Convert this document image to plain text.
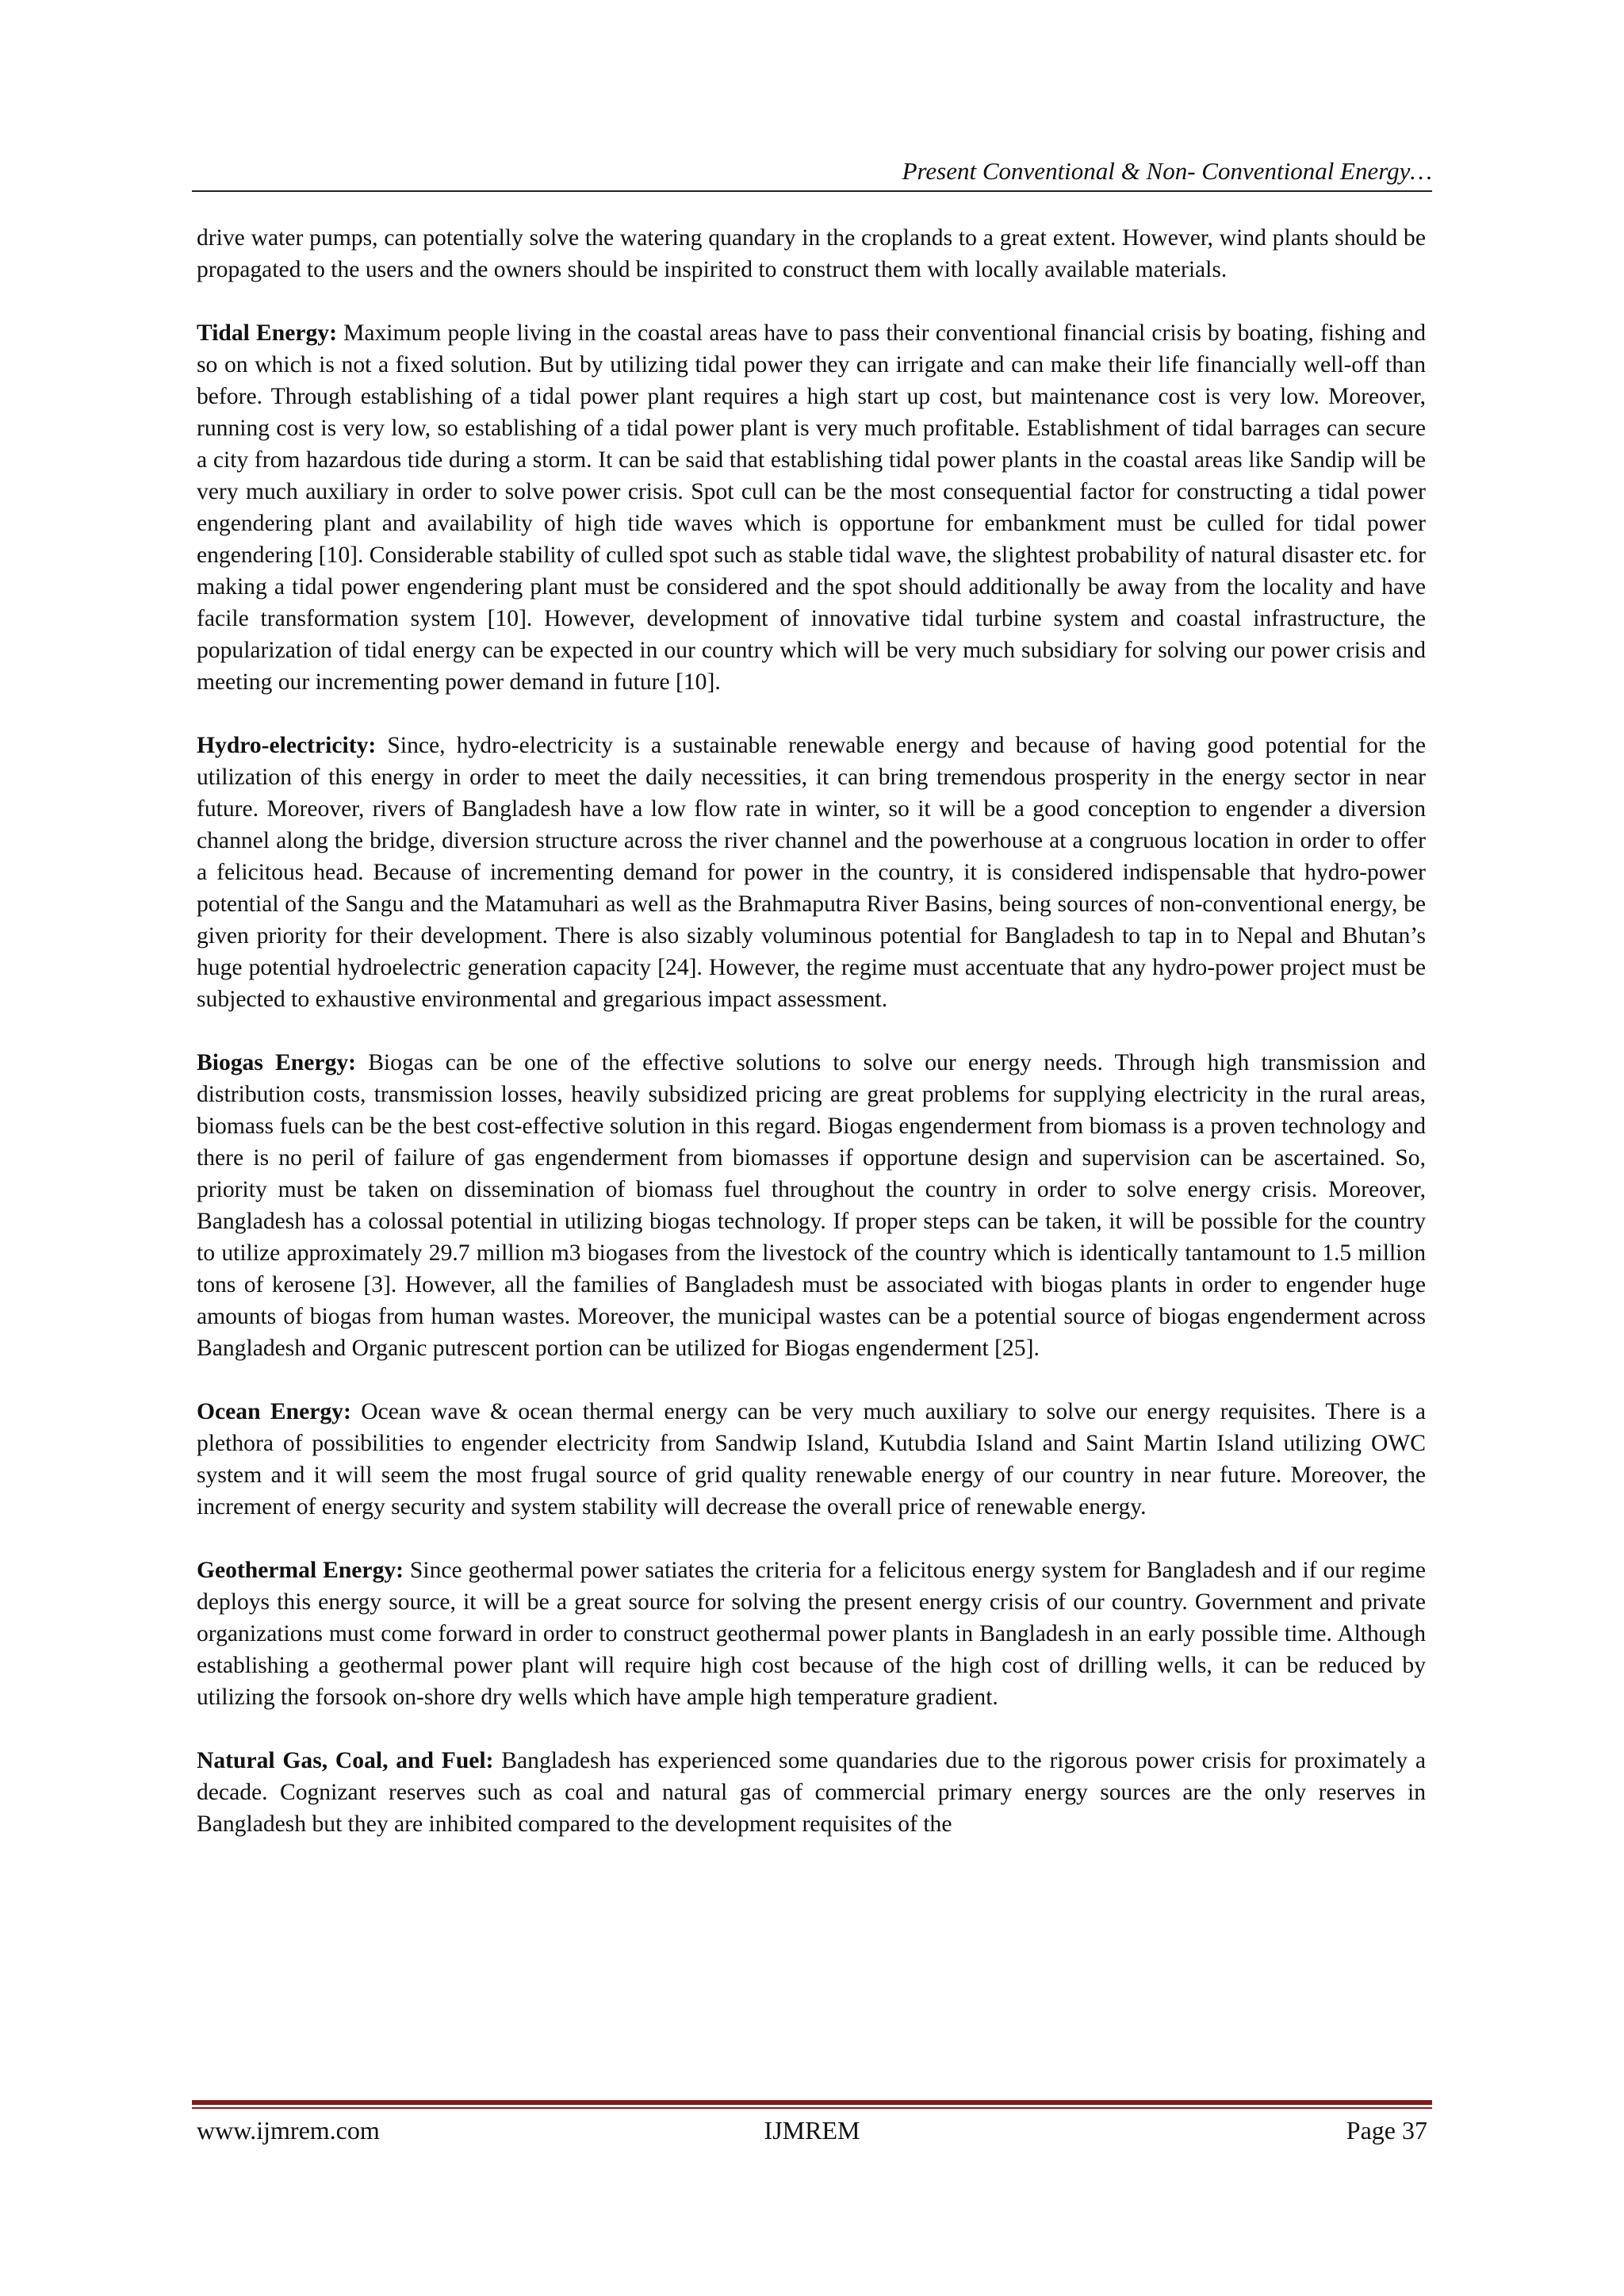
Present Conventional & Non- Conventional Energy…

drive water pumps, can potentially solve the watering quandary in the croplands to a great extent. However, wind plants should be propagated to the users and the owners should be inspirited to construct them with locally available materials.

Tidal Energy: Maximum people living in the coastal areas have to pass their conventional financial crisis by boating, fishing and so on which is not a fixed solution. But by utilizing tidal power they can irrigate and can make their life financially well-off than before. Through establishing of a tidal power plant requires a high start up cost, but maintenance cost is very low. Moreover, running cost is very low, so establishing of a tidal power plant is very much profitable. Establishment of tidal barrages can secure a city from hazardous tide during a storm. It can be said that establishing tidal power plants in the coastal areas like Sandip will be very much auxiliary in order to solve power crisis. Spot cull can be the most consequential factor for constructing a tidal power engendering plant and availability of high tide waves which is opportune for embankment must be culled for tidal power engendering [10]. Considerable stability of culled spot such as stable tidal wave, the slightest probability of natural disaster etc. for making a tidal power engendering plant must be considered and the spot should additionally be away from the locality and have facile transformation system [10]. However, development of innovative tidal turbine system and coastal infrastructure, the popularization of tidal energy can be expected in our country which will be very much subsidiary for solving our power crisis and meeting our incrementing power demand in future [10].

Hydro-electricity: Since, hydro-electricity is a sustainable renewable energy and because of having good potential for the utilization of this energy in order to meet the daily necessities, it can bring tremendous prosperity in the energy sector in near future. Moreover, rivers of Bangladesh have a low flow rate in winter, so it will be a good conception to engender a diversion channel along the bridge, diversion structure across the river channel and the powerhouse at a congruous location in order to offer a felicitous head. Because of incrementing demand for power in the country, it is considered indispensable that hydro-power potential of the Sangu and the Matamuhari as well as the Brahmaputra River Basins, being sources of non-conventional energy, be given priority for their development. There is also sizably voluminous potential for Bangladesh to tap in to Nepal and Bhutan’s huge potential hydroelectric generation capacity [24]. However, the regime must accentuate that any hydro-power project must be subjected to exhaustive environmental and gregarious impact assessment.

Biogas Energy: Biogas can be one of the effective solutions to solve our energy needs. Through high transmission and distribution costs, transmission losses, heavily subsidized pricing are great problems for supplying electricity in the rural areas, biomass fuels can be the best cost-effective solution in this regard. Biogas engenderment from biomass is a proven technology and there is no peril of failure of gas engenderment from biomasses if opportune design and supervision can be ascertained. So, priority must be taken on dissemination of biomass fuel throughout the country in order to solve energy crisis. Moreover, Bangladesh has a colossal potential in utilizing biogas technology. If proper steps can be taken, it will be possible for the country to utilize approximately 29.7 million m3 biogases from the livestock of the country which is identically tantamount to 1.5 million tons of kerosene [3]. However, all the families of Bangladesh must be associated with biogas plants in order to engender huge amounts of biogas from human wastes. Moreover, the municipal wastes can be a potential source of biogas engenderment across Bangladesh and Organic putrescent portion can be utilized for Biogas engenderment [25].

Ocean Energy: Ocean wave & ocean thermal energy can be very much auxiliary to solve our energy requisites. There is a plethora of possibilities to engender electricity from Sandwip Island, Kutubdia Island and Saint Martin Island utilizing OWC system and it will seem the most frugal source of grid quality renewable energy of our country in near future. Moreover, the increment of energy security and system stability will decrease the overall price of renewable energy.

Geothermal Energy: Since geothermal power satiates the criteria for a felicitous energy system for Bangladesh and if our regime deploys this energy source, it will be a great source for solving the present energy crisis of our country. Government and private organizations must come forward in order to construct geothermal power plants in Bangladesh in an early possible time. Although establishing a geothermal power plant will require high cost because of the high cost of drilling wells, it can be reduced by utilizing the forsook on-shore dry wells which have ample high temperature gradient.

Natural Gas, Coal, and Fuel: Bangladesh has experienced some quandaries due to the rigorous power crisis for proximately a decade. Cognizant reserves such as coal and natural gas of commercial primary energy sources are the only reserves in Bangladesh but they are inhibited compared to the development requisites of the

www.ijmrem.com	IJMREM	Page 37
